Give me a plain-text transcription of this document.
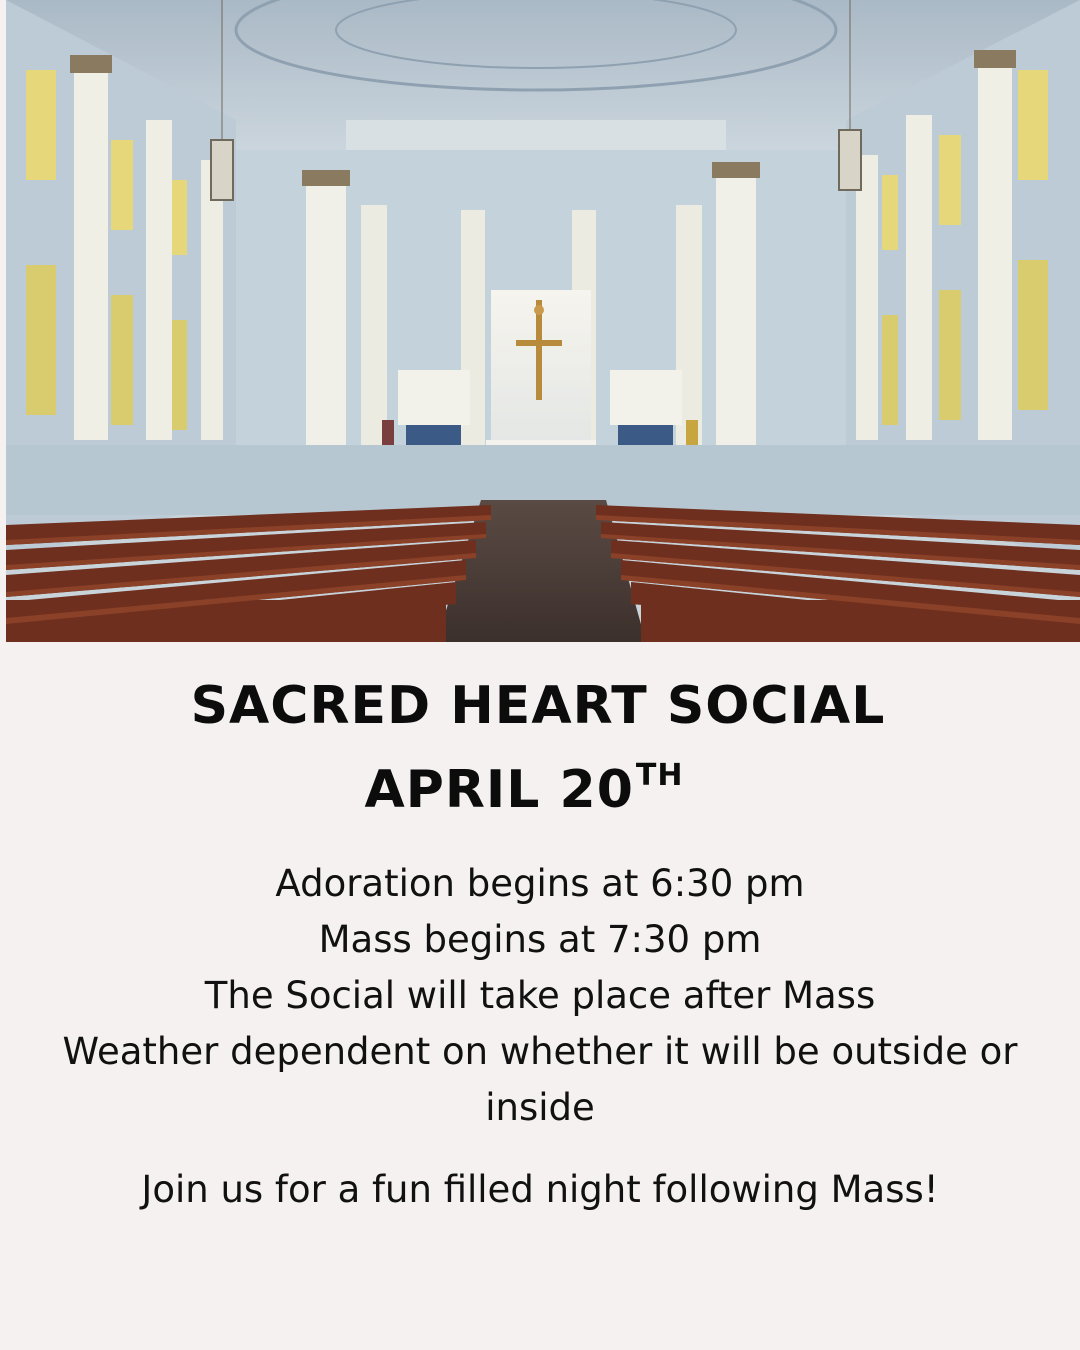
SACRED HEART SOCIAL
APRIL 20TH
Adoration begins at 6:30 pm
Mass begins at 7:30 pm
The Social will take place after Mass
Weather dependent on whether it will be outside or inside

Join us for a fun filled night following Mass!
